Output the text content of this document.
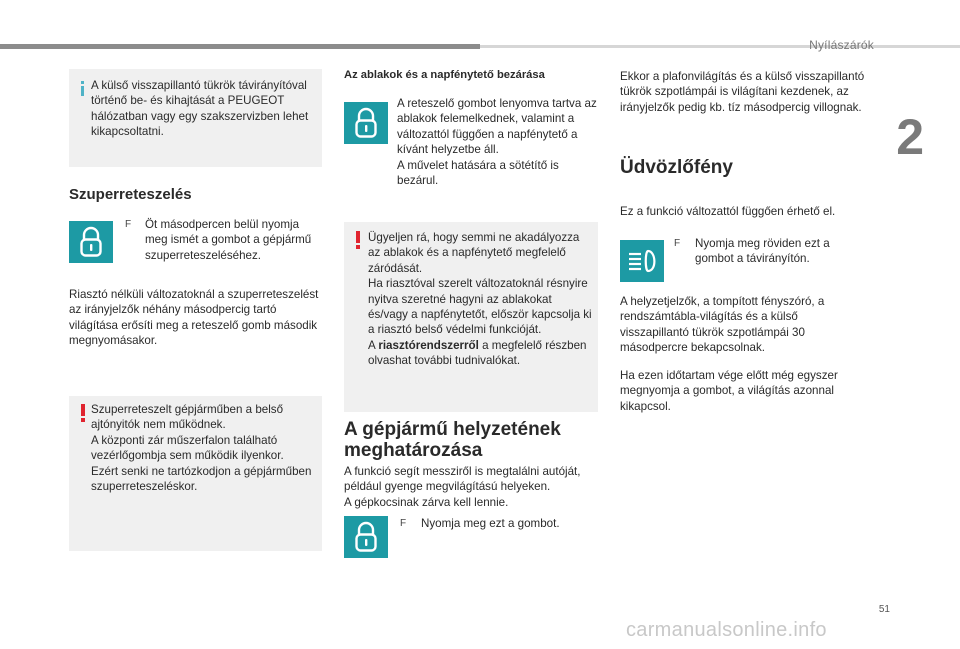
Nyílászárók
2
A külső visszapillantó tükrök távirányítóval történő be- és kihajtását a PEUGEOT hálózatban vagy egy szakszervizben lehet kikapcsoltatni.
Szuperreteszelés
F Öt másodpercen belül nyomja meg ismét a gombot a gépjármű szuperreteszeléséhez.
Riasztó nélküli változatoknál a szuperreteszelést az irányjelzők néhány másodpercig tartó világítása erősíti meg a reteszelő gomb második megnyomásakor.

Szuperreteszelt gépjárműben a belső ajtónyitók nem működnek.

A központi zár műszerfalon található vezérlőgombja sem működik ilyenkor.

Ezért senki ne tartózkodjon a gépjárműben szuperreteszeléskor.

Az ablakok és a napfénytető bezárása

A reteszelő gombot lenyomva tartva az ablakok felemelkednek, valamint a változattól függően a napfénytető a kívánt helyzetbe áll.

A művelet hatására a sötétítő is bezárul.

Ügyeljen rá, hogy semmi ne akadályozza az ablakok és a napfénytető megfelelő záródását.

Ha riasztóval szerelt változatoknál résnyire nyitva szeretné hagyni az ablakokat és/vagy a napfénytetőt, először kapcsolja ki a riasztó belső védelmi funkcióját.

A riasztórendszerről a megfelelő részben olvashat további tudnivalókat.

A gépjármű helyzetének
meghatározása

A funkció segít messziről is megtalálni autóját, például gyenge megvilágítású helyeken.

A gépkocsinak zárva kell lennie.

F Nyomja meg ezt a gombot.
Ekkor a plafonvilágítás és a külső visszapillantó tükrök szpotlámpái is világítani kezdenek, az irányjelzők pedig kb. tíz másodpercig villognak.
Üdvözlőfény
Ez a funkció változattól függően érhető el.
F Nyomja meg röviden ezt a gombot a távirányítón.
A helyzetjelzők, a tompított fényszóró, a rendszámtábla-világítás és a külső visszapillantó tükrök szpotlámpái 30 másodpercre bekapcsolnak.
Ha ezen időtartam vége előtt még egyszer megnyomja a gombot, a világítás azonnal kikapcsol.
51
carmanualsonline.info
